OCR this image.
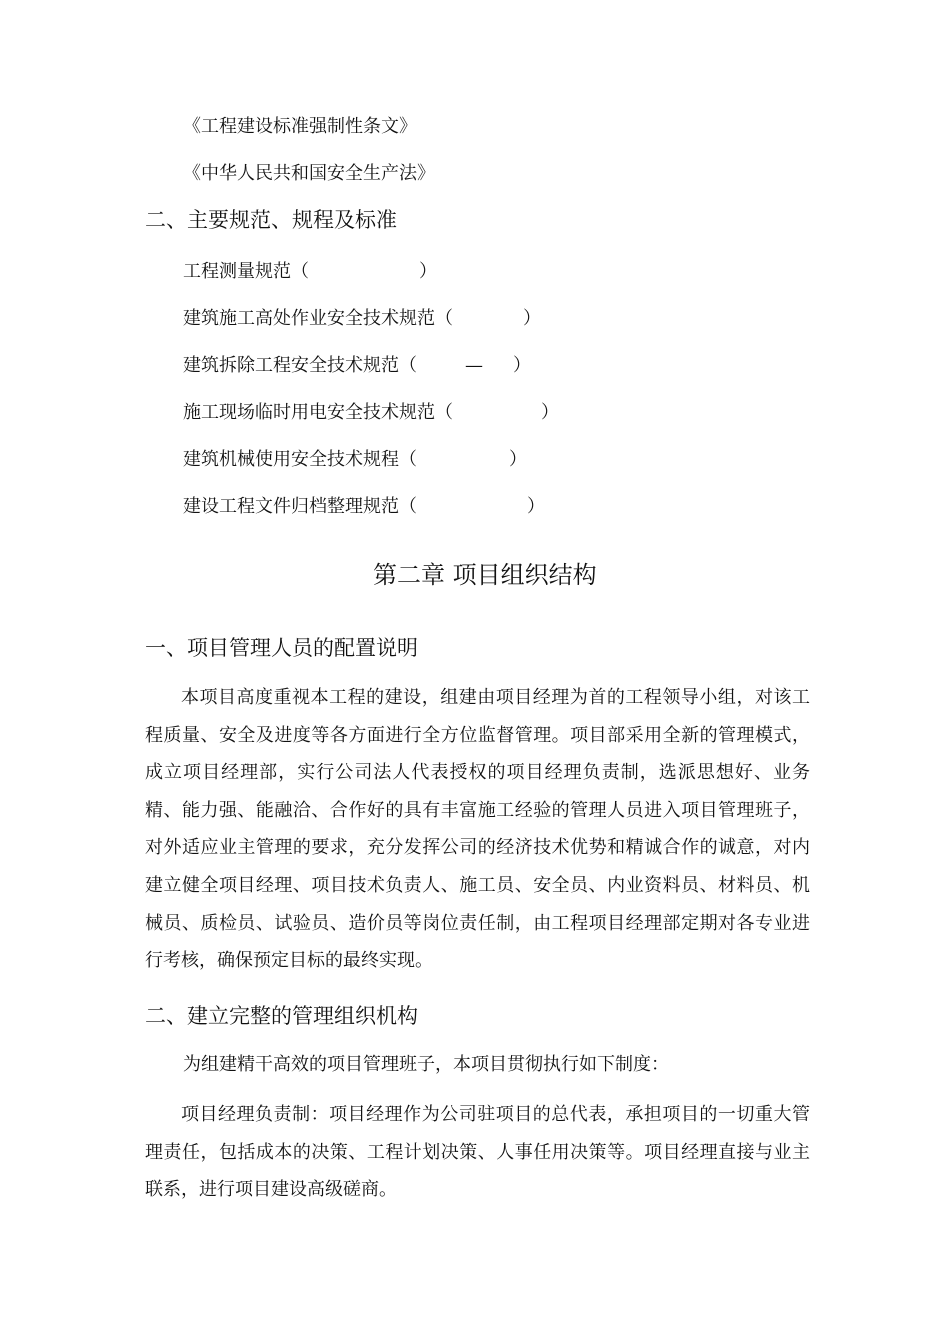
《工程建设标准强制性条文》
《中华人民共和国安全生产法》
二、主要规范、规程及标准
工程测量规范（	）
建筑施工高处作业安全技术规范（	）
建筑拆除工程安全技术规范（	— ）
施工现场临时用电安全技术规范（	）
建筑机械使用安全技术规程（	）
建设工程文件归档整理规范（	）
第二章 项目组织结构
一、项目管理人员的配置说明
本项目高度重视本工程的建设，组建由项目经理为首的工程领导小组，对该工程质量、安全及进度等各方面进行全方位监督管理。项目部采用全新的管理模式，成立项目经理部，实行公司法人代表授权的项目经理负责制，选派思想好、业务精、能力强、能融洽、合作好的具有丰富施工经验的管理人员进入项目管理班子，对外适应业主管理的要求，充分发挥公司的经济技术优势和精诚合作的诚意，对内建立健全项目经理、项目技术负责人、施工员、安全员、内业资料员、材料员、机械员、质检员、试验员、造价员等岗位责任制，由工程项目经理部定期对各专业进行考核，确保预定目标的最终实现。
二、建立完整的管理组织机构
为组建精干高效的项目管理班子，本项目贯彻执行如下制度：
项目经理负责制：项目经理作为公司驻项目的总代表，承担项目的一切重大管理责任，包括成本的决策、工程计划决策、人事任用决策等。项目经理直接与业主联系，进行项目建设高级磋商。
